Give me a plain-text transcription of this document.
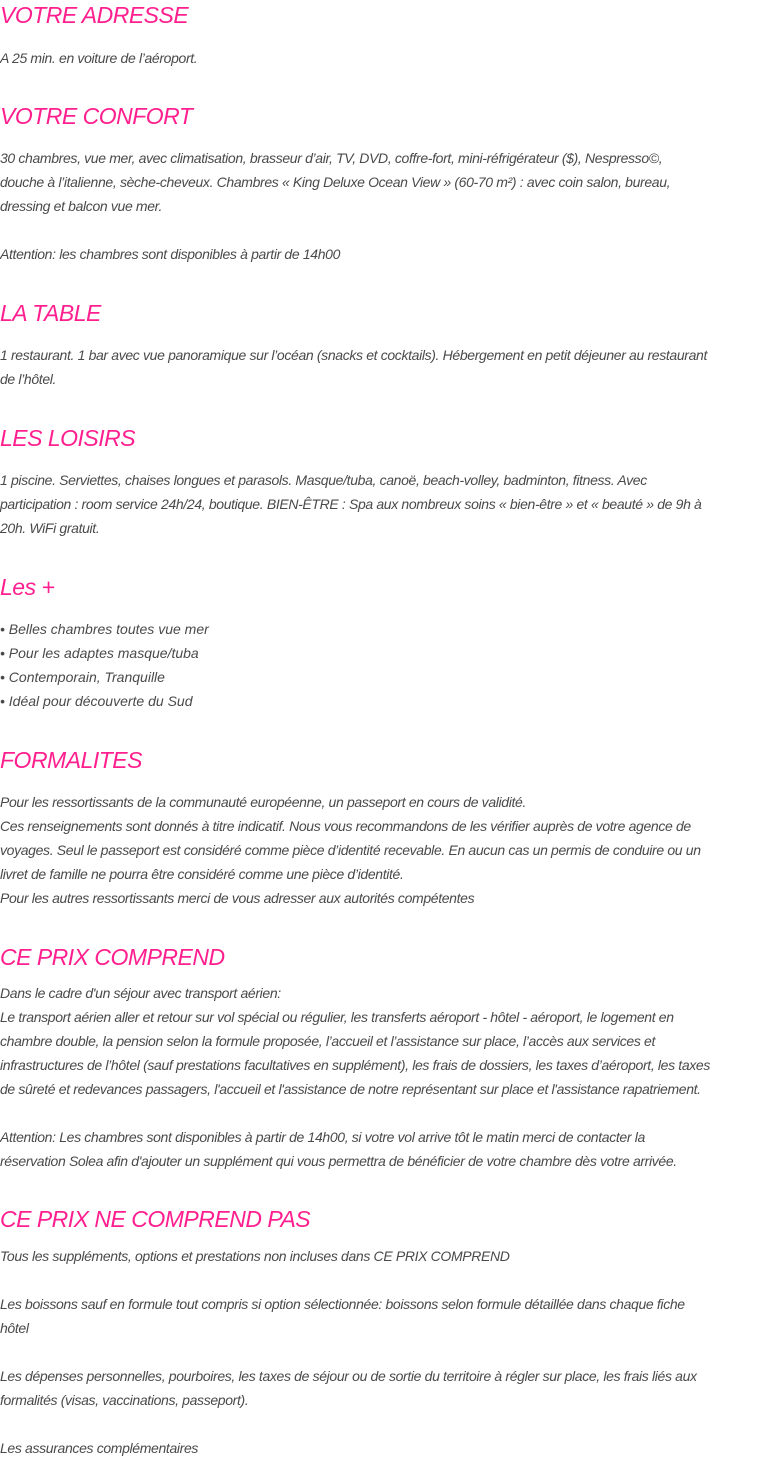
VOTRE ADRESSE

A 25 min. en voiture de l’aéroport.

VOTRE CONFORT

30 chambres, vue mer, avec climatisation, brasseur d’air, TV, DVD, coffre-fort, mini-réfrigérateur ($), Nespresso©,
douche à l’italienne, sèche-cheveux. Chambres « King Deluxe Ocean View » (60-70 m²) : avec coin salon, bureau,
dressing et balcon vue mer.

Attention: les chambres sont disponibles à partir de 14h00

LA TABLE

1 restaurant. 1 bar avec vue panoramique sur l’océan (snacks et cocktails). Hébergement en petit déjeuner au restaurant
de l’hôtel.

LES LOISIRS

1 piscine. Serviettes, chaises longues et parasols. Masque/tuba, canoë, beach-volley, badminton, fitness. Avec
participation : room service 24h/24, boutique. BIEN-ÊTRE : Spa aux nombreux soins « bien-être » et « beauté » de 9h à
20h. WiFi gratuit.

Les +
• Belles chambres toutes vue mer
• Pour les adaptes masque/tuba
• Contemporain, Tranquille
• Idéal pour découverte du Sud
FORMALITES

Pour les ressortissants de la communauté européenne, un passeport en cours de validité.
Ces renseignements sont donnés à titre indicatif. Nous vous recommandons de les vérifier auprès de votre agence de
voyages. Seul le passeport est considéré comme pièce d’identité recevable. En aucun cas un permis de conduire ou un
livret de famille ne pourra être considéré comme une pièce d’identité.
Pour les autres ressortissants merci de vous adresser aux autorités compétentes

CE PRIX COMPREND

Dans le cadre d'un séjour avec transport aérien:
Le transport aérien aller et retour sur vol spécial ou régulier, les transferts aéroport - hôtel - aéroport, le logement en
chambre double, la pension selon la formule proposée, l’accueil et l’assistance sur place, l’accès aux services et
infrastructures de l’hôtel (sauf prestations facultatives en supplément), les frais de dossiers, les taxes d’aéroport, les taxes
de sûreté et redevances passagers, l'accueil et l'assistance de notre représentant sur place et l'assistance rapatriement.

Attention: Les chambres sont disponibles à partir de 14h00, si votre vol arrive tôt le matin merci de contacter la
réservation Solea afin d'ajouter un supplément qui vous permettra de bénéficier de votre chambre dès votre arrivée.

CE PRIX NE COMPREND PAS

Tous les suppléments, options et prestations non incluses dans CE PRIX COMPREND

Les boissons sauf en formule tout compris si option sélectionnée: boissons selon formule détaillée dans chaque fiche
hôtel

Les dépenses personnelles, pourboires, les taxes de séjour ou de sortie du territoire à régler sur place, les frais liés aux
formalités (visas, vaccinations, passeport).

Les assurances complémentaires
